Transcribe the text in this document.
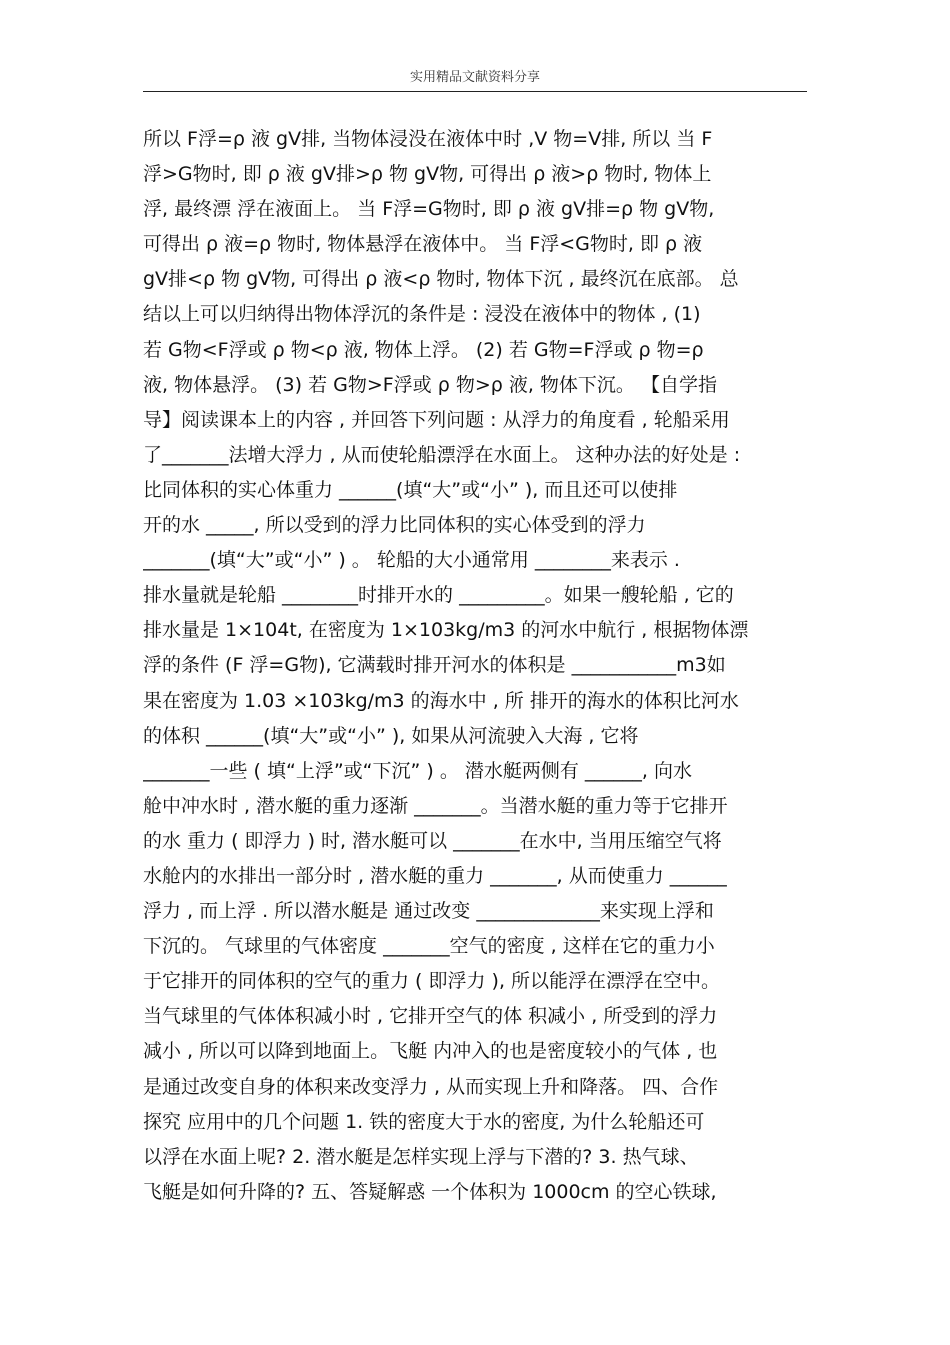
实用精品文献资料分享
所以 F浮=ρ 液 gV排, 当物体浸没在液体中时 ,V 物=V排, 所以 当 F
浮>G物时, 即 ρ 液 gV排>ρ 物 gV物, 可得出 ρ 液>ρ 物时, 物体上
浮, 最终漂 浮在液面上。 当 F浮=G物时, 即 ρ 液 gV排=ρ 物 gV物,
可得出 ρ 液=ρ 物时, 物体悬浮在液体中。 当 F浮<G物时, 即 ρ 液
gV排<ρ 物 gV物, 可得出 ρ 液<ρ 物时, 物体下沉 , 最终沉在底部。 总
结以上可以归纳得出物体浮沉的条件是 : 浸没在液体中的物体 , (1)
若 G物<F浮或 ρ 物<ρ 液, 物体上浮。 (2) 若 G物=F浮或 ρ 物=ρ
液, 物体悬浮。 (3) 若 G物>F浮或 ρ 物>ρ 液, 物体下沉。 【自学指
导】阅读课本上的内容 , 并回答下列问题 : 从浮力的角度看 , 轮船采用
了_______法增大浮力 , 从而使轮船漂浮在水面上。 这种办法的好处是 :
比同体积的实心体重力 ______(填“大”或“小” ), 而且还可以使排
开的水 _____, 所以受到的浮力比同体积的实心体受到的浮力
_______(填“大”或“小” ) 。 轮船的大小通常用 ________来表示 .
排水量就是轮船 ________时排开水的 _________。如果一艘轮船 , 它的
排水量是 1×104t, 在密度为 1×103kg/m3 的河水中航行 , 根据物体漂
浮的条件 (F 浮=G物), 它满载时排开河水的体积是 ___________m3如
果在密度为 1.03 ×103kg/m3 的海水中 , 所 排开的海水的体积比河水
的体积 ______(填“大”或“小” ), 如果从河流驶入大海 , 它将
_______一些 ( 填“上浮”或“下沉” ) 。 潜水艇两侧有 ______, 向水
舱中冲水时 , 潜水艇的重力逐渐 _______。当潜水艇的重力等于它排开
的水 重力 ( 即浮力 ) 时, 潜水艇可以 _______在水中, 当用压缩空气将
水舱内的水排出一部分时 , 潜水艇的重力 _______, 从而使重力 ______
浮力 , 而上浮 . 所以潜水艇是 通过改变 _____________来实现上浮和
下沉的。 气球里的气体密度 _______空气的密度 , 这样在它的重力小
于它排开的同体积的空气的重力 ( 即浮力 ), 所以能浮在漂浮在空中。
当气球里的气体体积减小时 , 它排开空气的体 积减小 , 所受到的浮力
减小 , 所以可以降到地面上。飞艇 内冲入的也是密度较小的气体 , 也
是通过改变自身的体积来改变浮力 , 从而实现上升和降落。 四、合作
探究 应用中的几个问题 1. 铁的密度大于水的密度, 为什么轮船还可
以浮在水面上呢? 2. 潜水艇是怎样实现上浮与下潜的? 3. 热气球、
飞艇是如何升降的? 五、答疑解惑 一个体积为 1000cm 的空心铁球,
